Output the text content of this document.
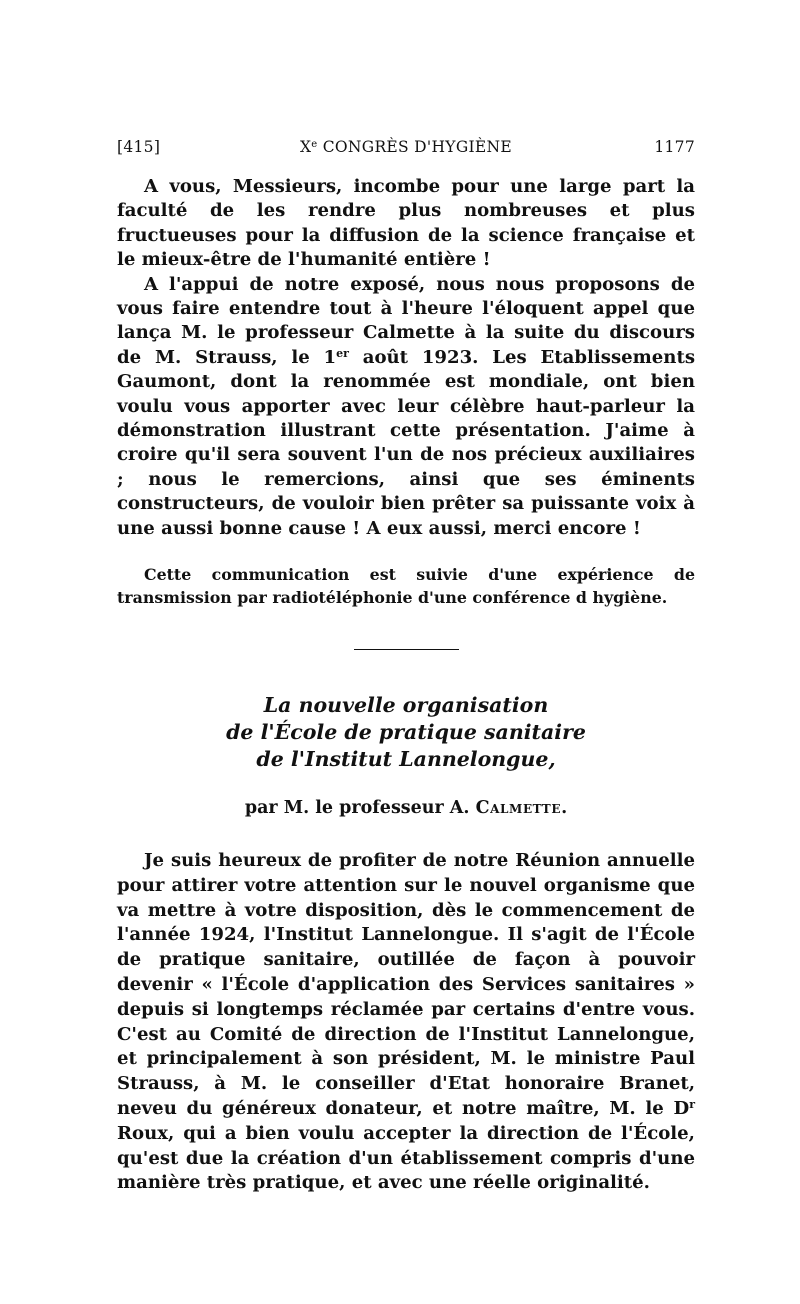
[415]	Xe CONGRÈS D'HYGIÈNE	1177

A vous, Messieurs, incombe pour une large part la faculté de les rendre plus nombreuses et plus fructueuses pour la diffusion de la science française et le mieux-être de l'humanité entière !

A l'appui de notre exposé, nous nous proposons de vous faire entendre tout à l'heure l'éloquent appel que lança M. le professeur Calmette à la suite du discours de M. Strauss, le 1er août 1923. Les Etablissements Gaumont, dont la renommée est mondiale, ont bien voulu vous apporter avec leur célèbre haut-parleur la démonstration illustrant cette présentation. J'aime à croire qu'il sera souvent l'un de nos précieux auxiliaires ; nous le remercions, ainsi que ses éminents constructeurs, de vouloir bien prêter sa puissante voix à une aussi bonne cause ! A eux aussi, merci encore !

Cette communication est suivie d'une expérience de transmission par radiotéléphonie d'une conférence d hygiène.

La nouvelle organisation
de l'École de pratique sanitaire
de l'Institut Lannelongue,

par M. le professeur A. Calmette.

Je suis heureux de profiter de notre Réunion annuelle pour attirer votre attention sur le nouvel organisme que va mettre à votre disposition, dès le commencement de l'année 1924, l'Institut Lannelongue. Il s'agit de l'École de pratique sanitaire, outillée de façon à pouvoir devenir « l'École d'application des Services sanitaires » depuis si longtemps réclamée par certains d'entre vous. C'est au Comité de direction de l'Institut Lannelongue, et principalement à son président, M. le ministre Paul Strauss, à M. le conseiller d'Etat honoraire Branet, neveu du généreux donateur, et notre maître, M. le $D^r$ Roux, qui a bien voulu accepter la direction de l'École, qu'est due la création d'un établissement compris d'une manière très pratique, et avec une réelle originalité.
